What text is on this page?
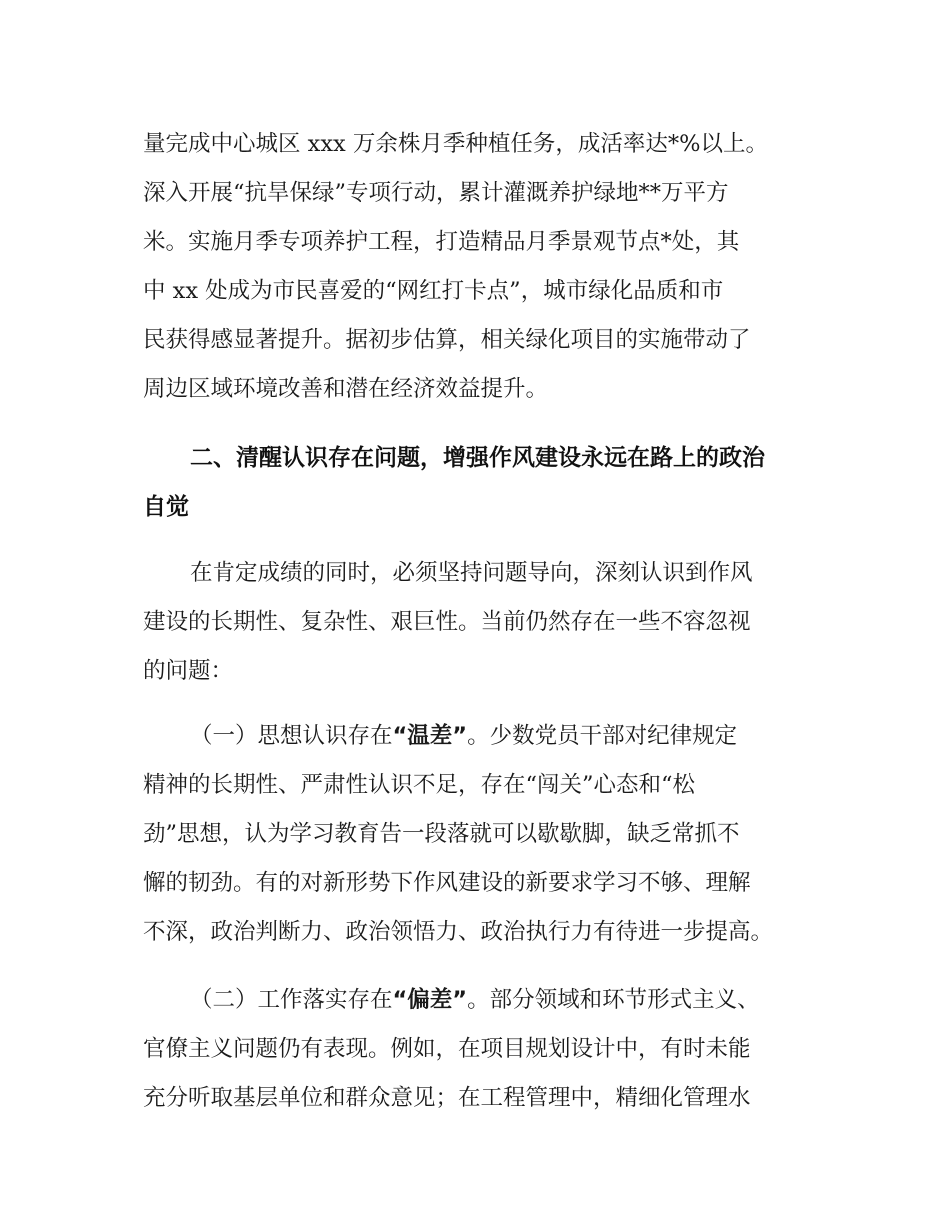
量完成中心城区 xxx 万余株月季种植任务，成活率达*%以上。
深入开展“抗旱保绿”专项行动，累计灌溉养护绿地**万平方
米。实施月季专项养护工程，打造精品月季景观节点*处，其
中 xx 处成为市民喜爱的“网红打卡点”，城市绿化品质和市
民获得感显著提升。据初步估算，相关绿化项目的实施带动了
周边区域环境改善和潜在经济效益提升。
二、清醒认识存在问题，增强作风建设永远在路上的政治
自觉
在肯定成绩的同时，必须坚持问题导向，深刻认识到作风
建设的长期性、复杂性、艰巨性。当前仍然存在一些不容忽视
的问题：
（一）思想认识存在“温差”。少数党员干部对纪律规定
精神的长期性、严肃性认识不足，存在“闯关”心态和“松
劲”思想，认为学习教育告一段落就可以歇歇脚，缺乏常抓不
懈的韧劲。有的对新形势下作风建设的新要求学习不够、理解
不深，政治判断力、政治领悟力、政治执行力有待进一步提高。
（二）工作落实存在“偏差”。部分领域和环节形式主义、
官僚主义问题仍有表现。例如，在项目规划设计中，有时未能
充分听取基层单位和群众意见；在工程管理中，精细化管理水
